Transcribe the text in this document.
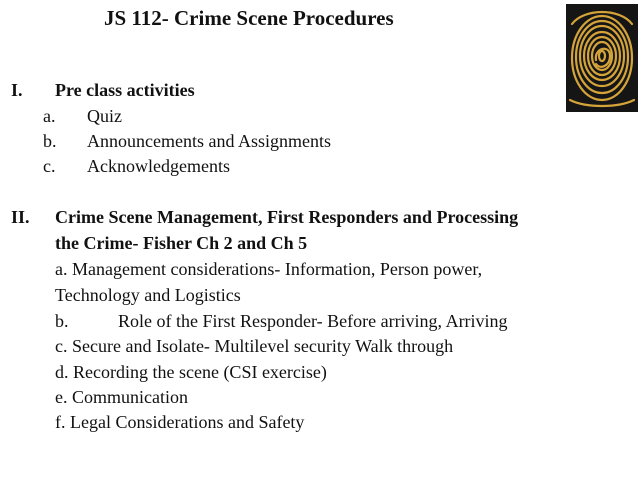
JS 112- Crime Scene Procedures
I. Pre class activities
a. Quiz
b. Announcements and Assignments
c. Acknowledgements
II. Crime Scene Management, First Responders and Processing
the Crime- Fisher Ch 2 and Ch 5
a. Management considerations- Information, Person power,
Technology and Logistics
b.	Role of the First Responder- Before arriving, Arriving
c. Secure and Isolate- Multilevel security Walk through
d. Recording the scene (CSI exercise)
e. Communication
f. Legal Considerations and Safety
